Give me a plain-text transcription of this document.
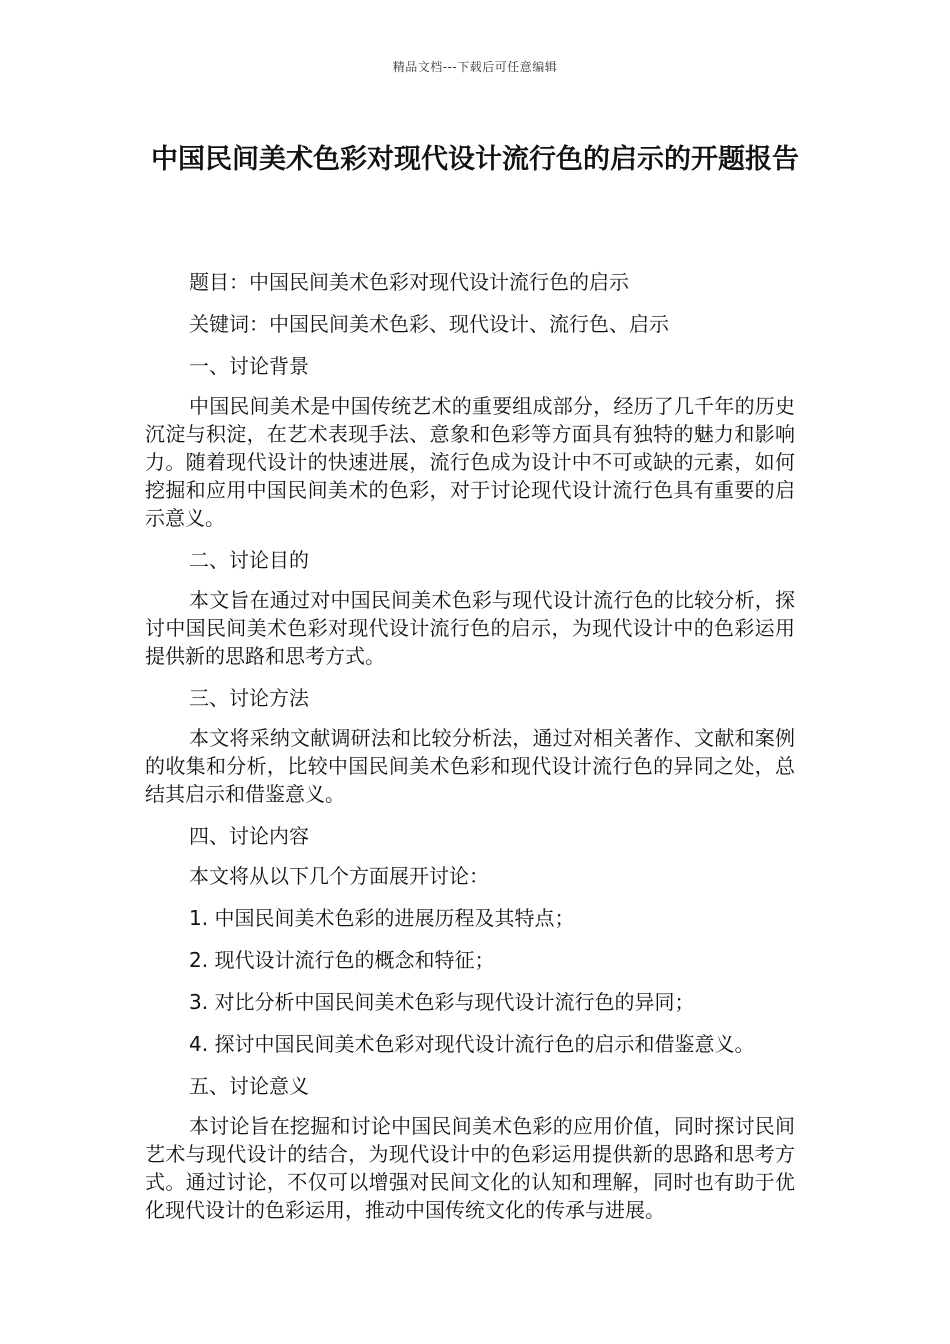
精品文档---下载后可任意编辑
中国民间美术色彩对现代设计流行色的启示的开题报告

题目：中国民间美术色彩对现代设计流行色的启示

关键词：中国民间美术色彩、现代设计、流行色、启示

一、讨论背景

中国民间美术是中国传统艺术的重要组成部分，经历了几千年的历史沉淀与积淀，在艺术表现手法、意象和色彩等方面具有独特的魅力和影响力。随着现代设计的快速进展，流行色成为设计中不可或缺的元素，如何挖掘和应用中国民间美术的色彩，对于讨论现代设计流行色具有重要的启示意义。

二、讨论目的

本文旨在通过对中国民间美术色彩与现代设计流行色的比较分析，探讨中国民间美术色彩对现代设计流行色的启示，为现代设计中的色彩运用提供新的思路和思考方式。

三、讨论方法

本文将采纳文献调研法和比较分析法，通过对相关著作、文献和案例的收集和分析，比较中国民间美术色彩和现代设计流行色的异同之处，总结其启示和借鉴意义。

四、讨论内容

本文将从以下几个方面展开讨论：

1. 中国民间美术色彩的进展历程及其特点；

2. 现代设计流行色的概念和特征；

3. 对比分析中国民间美术色彩与现代设计流行色的异同；

4. 探讨中国民间美术色彩对现代设计流行色的启示和借鉴意义。

五、讨论意义

本讨论旨在挖掘和讨论中国民间美术色彩的应用价值，同时探讨民间艺术与现代设计的结合，为现代设计中的色彩运用提供新的思路和思考方式。通过讨论，不仅可以增强对民间文化的认知和理解，同时也有助于优化现代设计的色彩运用，推动中国传统文化的传承与进展。
